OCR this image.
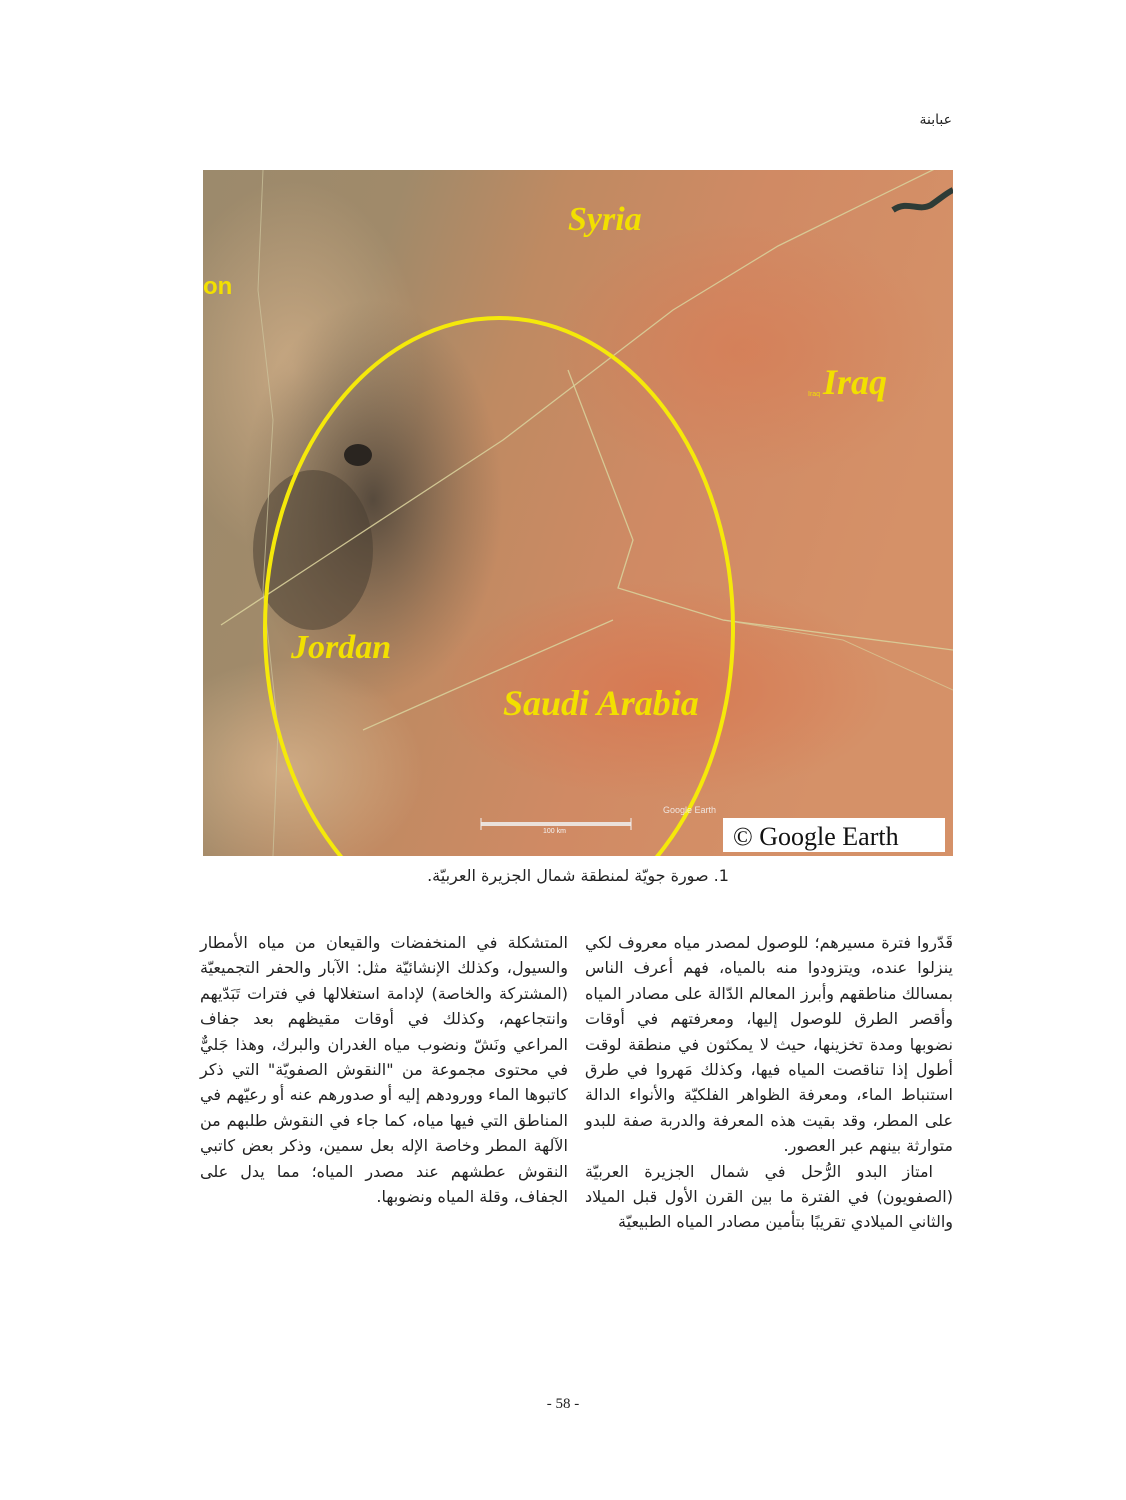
عبابنة
Syria
Iraq
Iraq
Jordan
Saudi Arabia
on
100 km
Google Earth
© Google Earth
1. صورة جويّة لمنطقة شمال الجزيرة العربيّة.

قَدّروا فترة مسيرهم؛ للوصول لمصدر مياه معروف لكي ينزلوا عنده، ويتزودوا منه بالمياه، فهم أعرف الناس بمسالك مناطقهم وأبرز المعالم الدّالة على مصادر المياه وأقصر الطرق للوصول إليها، ومعرفتهم في أوقات نضوبها ومدة تخزينها، حيث لا يمكثون في منطقة لوقت أطول إذا تناقصت المياه فيها، وكذلك مَهروا في طرق استنباط الماء، ومعرفة الظواهر الفلكيّة والأنواء الدالة على المطر، وقد بقيت هذه المعرفة والدربة صفة للبدو متوارثة بينهم عبر العصور.

امتاز البدو الرُّحل في شمال الجزيرة العربيّة (الصفويون) في الفترة ما بين القرن الأول قبل الميلاد والثاني الميلادي تقريبًا بتأمين مصادر المياه الطبيعيّة

المتشكلة في المنخفضات والقيعان من مياه الأمطار والسيول، وكذلك الإنشائيّة مثل: الآبار والحفر التجميعيّة (المشتركة والخاصة) لإدامة استغلالها في فترات تَبَدّيهم وانتجاعهم، وكذلك في أوقات مقيظهم بعد جفاف المراعي ونَشّ ونضوب مياه الغدران والبرك، وهذا جَليٌّ في محتوى مجموعة من "النقوش الصفويّة" التي ذكر كاتبوها الماء وورودهم إليه أو صدورهم عنه أو رعيّهم في المناطق التي فيها مياه، كما جاء في النقوش طلبهم من الآلهة المطر وخاصة الإله بعل سمين، وذكر بعض كاتبي النقوش عطشهم عند مصدر المياه؛ مما يدل على الجفاف، وقلة المياه ونضوبها.

- 58 -
